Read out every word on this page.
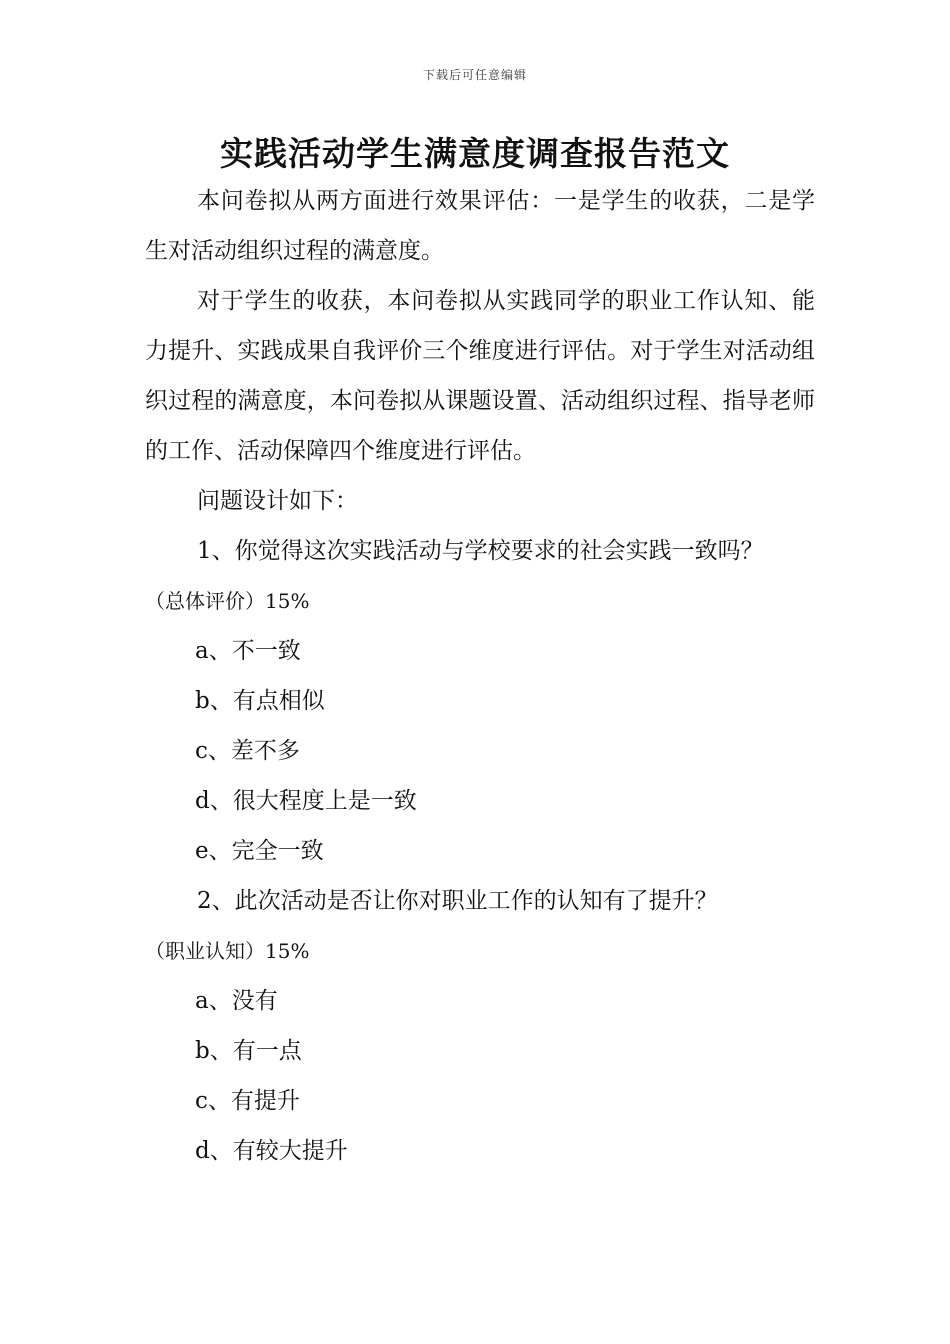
下载后可任意编辑
实践活动学生满意度调查报告范文

本问卷拟从两方面进行效果评估：一是学生的收获，二是学生对活动组织过程的满意度。

对于学生的收获，本问卷拟从实践同学的职业工作认知、能力提升、实践成果自我评价三个维度进行评估。对于学生对活动组织过程的满意度，本问卷拟从课题设置、活动组织过程、指导老师的工作、活动保障四个维度进行评估。

问题设计如下：

1、你觉得这次实践活动与学校要求的社会实践一致吗？

（总体评价）15%

a、不一致

b、有点相似

c、差不多

d、很大程度上是一致

e、完全一致

2、此次活动是否让你对职业工作的认知有了提升？

（职业认知）15%

a、没有

b、有一点

c、有提升

d、有较大提升
